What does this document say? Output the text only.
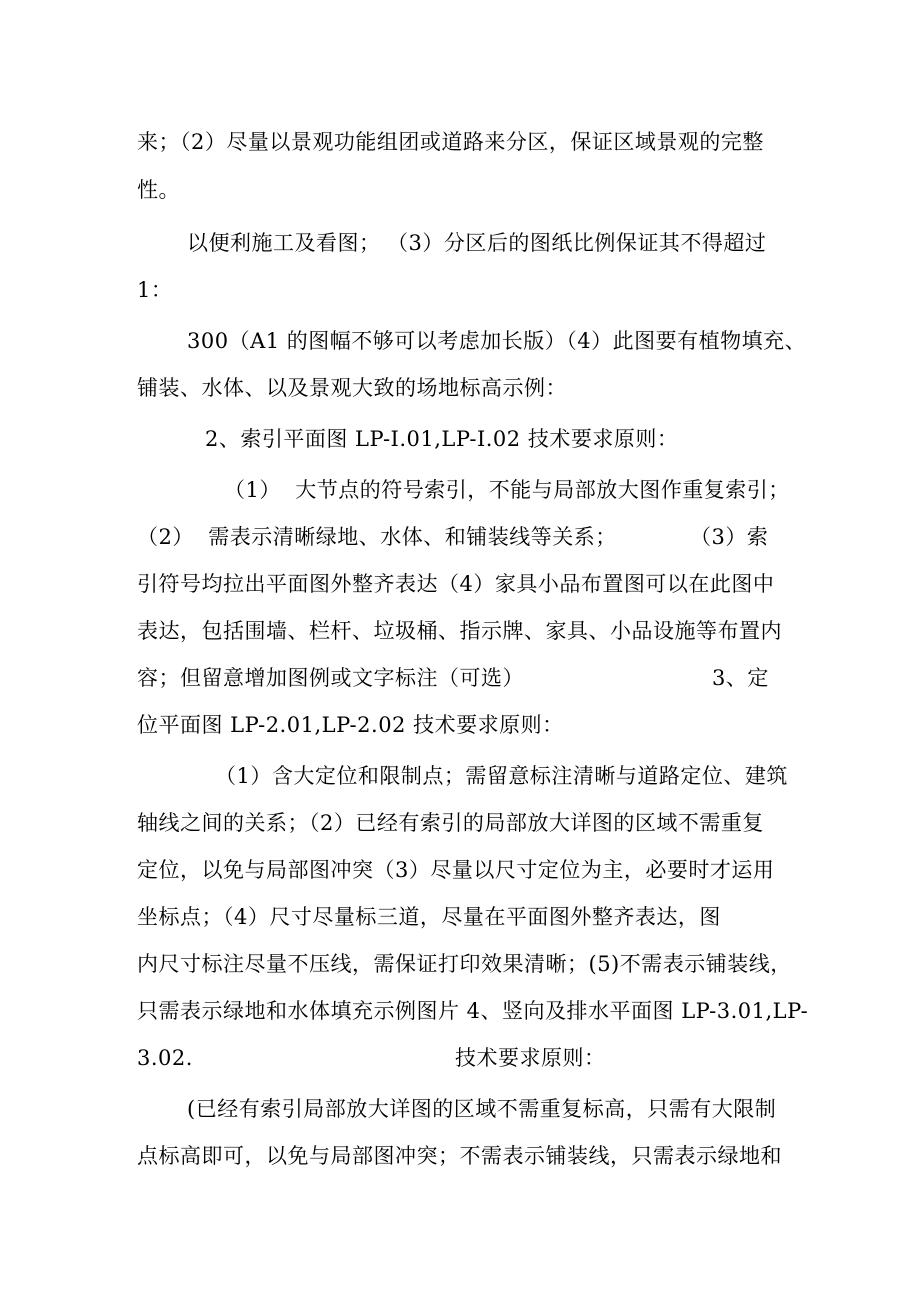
来；（2）尽量以景观功能组团或道路来分区，保证区域景观的完整
性。
以便利施工及看图； （3）分区后的图纸比例保证其不得超过
1：
300（A1 的图幅不够可以考虑加长版）（4）此图要有植物填充、
铺装、水体、以及景观大致的场地标高示例：
2、索引平面图 LP-I.01,LP-I.02 技术要求原则：
（1）  大节点的符号索引，不能与局部放大图作重复索引；
（2）  需表示清晰绿地、水体、和铺装线等关系；	（3）索
引符号均拉出平面图外整齐表达（4）家具小品布置图可以在此图中
表达，包括围墙、栏杆、垃圾桶、指示牌、家具、小品设施等布置内
容；但留意增加图例或文字标注（可选）	3、定
位平面图 LP-2.01,LP-2.02 技术要求原则：
（1）含大定位和限制点；需留意标注清晰与道路定位、建筑
轴线之间的关系；（2）已经有索引的局部放大详图的区域不需重复
定位，以免与局部图冲突（3）尽量以尺寸定位为主，必要时才运用
坐标点；（4）尺寸尽量标三道，尽量在平面图外整齐表达，图
内尺寸标注尽量不压线，需保证打印效果清晰；(5)不需表示铺装线，
只需表示绿地和水体填充示例图片 4、竖向及排水平面图 LP-3.01,LP-
3.02.	技术要求原则：
(已经有索引局部放大详图的区域不需重复标高，只需有大限制
点标高即可，以免与局部图冲突；不需表示铺装线，只需表示绿地和
